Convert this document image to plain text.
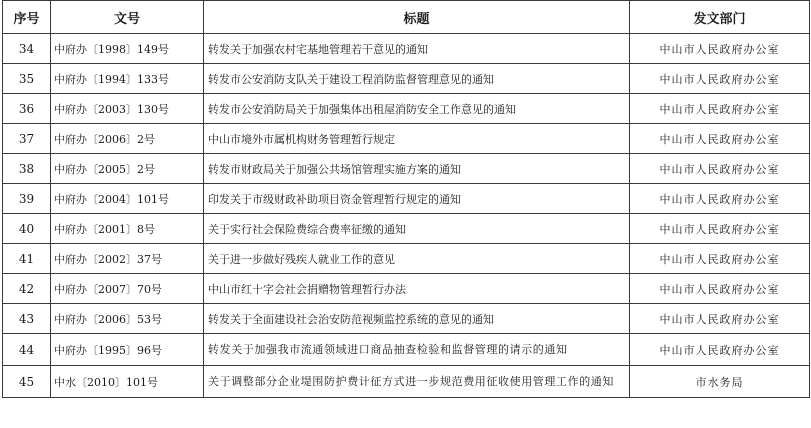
序号	文号	标题	发文部门
34	中府办〔1998〕149号	转发关于加强农村宅基地管理若干意见的通知	中山市人民政府办公室
35	中府办〔1994〕133号	转发市公安消防支队关于建设工程消防监督管理意见的通知	中山市人民政府办公室
36	中府办〔2003〕130号	转发市公安消防局关于加强集体出租屋消防安全工作意见的通知	中山市人民政府办公室
37	中府办〔2006〕2号	中山市境外市属机构财务管理暂行规定	中山市人民政府办公室
38	中府办〔2005〕2号	转发市财政局关于加强公共场馆管理实施方案的通知	中山市人民政府办公室
39	中府办〔2004〕101号	印发关于市级财政补助项目资金管理暂行规定的通知	中山市人民政府办公室
40	中府办〔2001〕8号	关于实行社会保险费综合费率征缴的通知	中山市人民政府办公室
41	中府办〔2002〕37号	关于进一步做好残疾人就业工作的意见	中山市人民政府办公室
42	中府办〔2007〕70号	中山市红十字会社会捐赠物管理暂行办法	中山市人民政府办公室
43	中府办〔2006〕53号	转发关于全面建设社会治安防范视频监控系统的意见的通知	中山市人民政府办公室
44	中府办〔1995〕96号	转发关于加强我市流通领域进口商品抽查检验和监督管理的请示的通知	中山市人民政府办公室
45	中水〔2010〕101号	关于调整部分企业堤围防护费计征方式进一步规范费用征收使用管理工作的通知	市水务局
